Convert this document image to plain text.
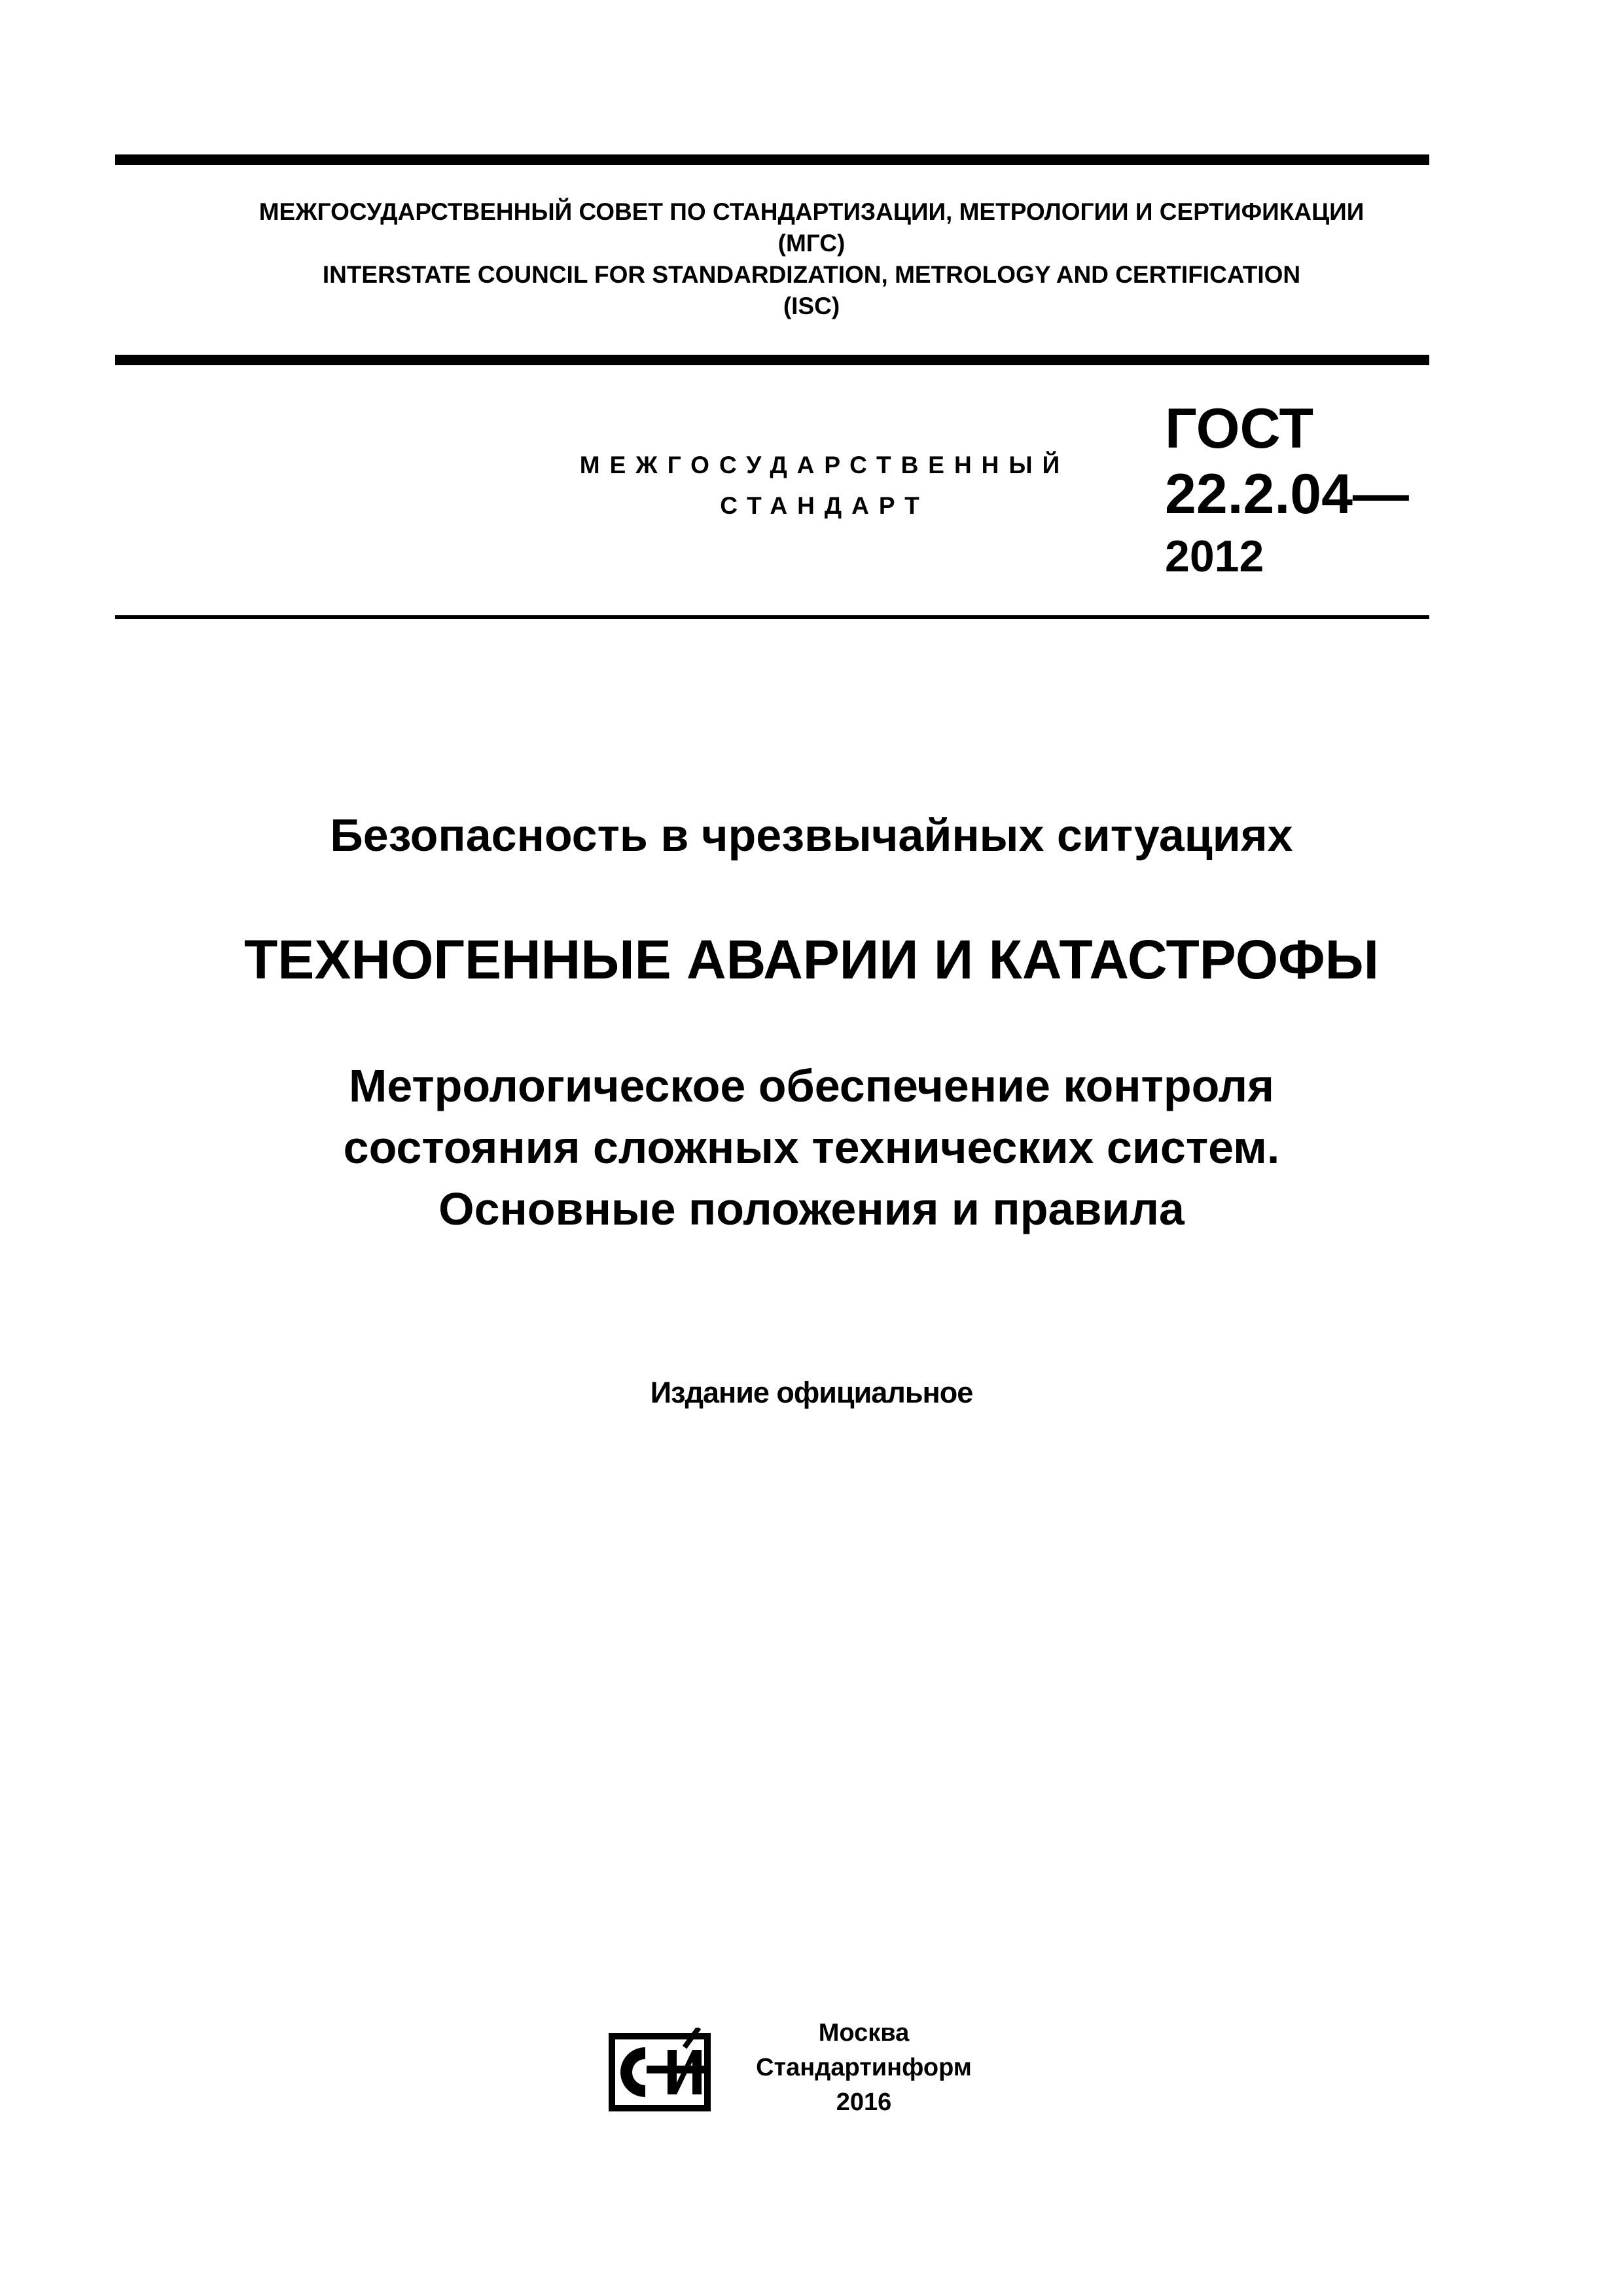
МЕЖГОСУДАРСТВЕННЫЙ СОВЕТ ПО СТАНДАРТИЗАЦИИ, МЕТРОЛОГИИ И СЕРТИФИКАЦИИ
(МГС)
INTERSTATE COUNCIL FOR STANDARDIZATION, METROLOGY AND CERTIFICATION
(ISC)
МЕЖГОСУДАРСТВЕННЫЙ
СТАНДАРТ
ГОСТ
22.2.04—
2012
Безопасность в чрезвычайных ситуациях
ТЕХНОГЕННЫЕ АВАРИИ И КАТАСТРОФЫ
Метрологическое обеспечение контроля
состояния сложных технических систем.
Основные положения и правила
Издание официальное
Москва
Стандартинформ
2016
